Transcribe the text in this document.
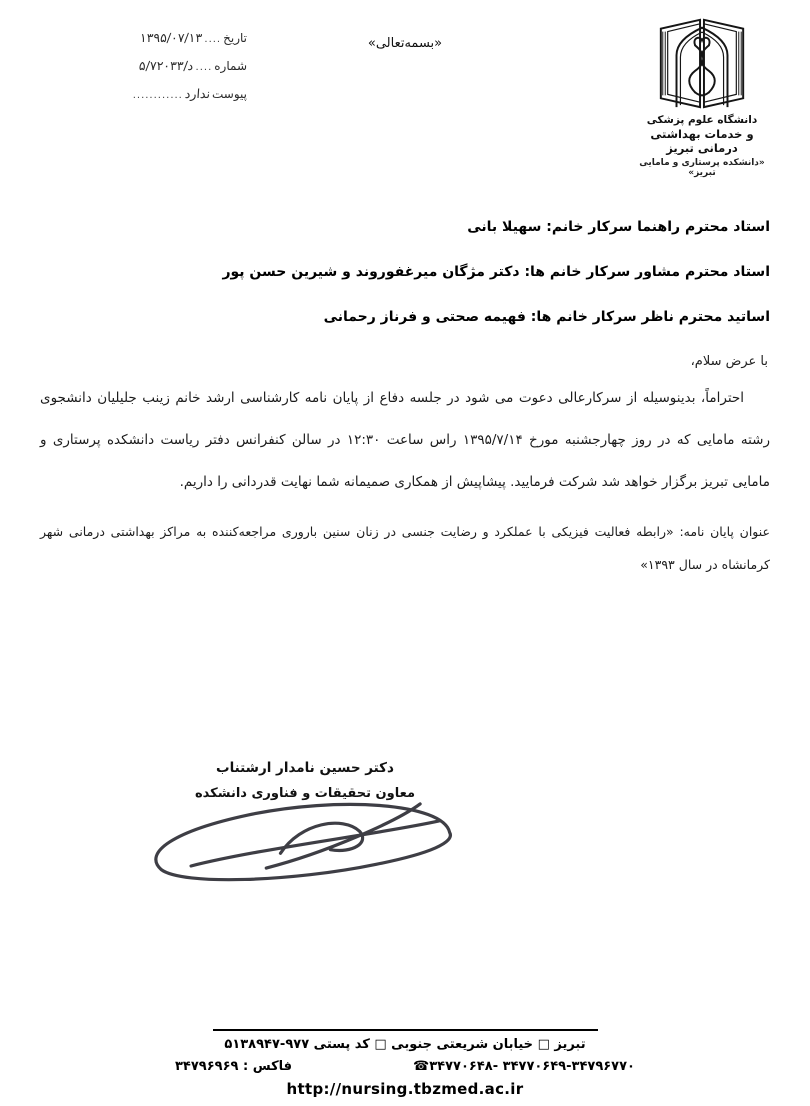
تاریخ
....
۱۳۹۵/۰۷/۱۳
شماره
....
۵/د/۷۲۰۳۳
پیوست
ندارد
............
«بسمه‌تعالی»
دانشگاه علوم پزشکی
و خدمات بهداشتی درمانی تبریز
«دانشکده پرستاری و مامایی تبریز»
استاد محترم راهنما سرکار خانم: سهیلا بانی
استاد محترم مشاور سرکار خانم ها: دکتر مژگان میرغفوروند و شیرین حسن پور
اساتید محترم ناظر سرکار خانم ها: فهیمه صحتی و فرناز رحمانی
با عرض سلام،

احتراماً، بدینوسیله از سرکارعالی دعوت می شود در جلسه دفاع از پایان نامه کارشناسی ارشد خانم زینب جلیلیان دانشجوی رشته مامایی که در روز چهارجشنبه مورخ ۱۳۹۵/۷/۱۴ راس ساعت ۱۲:۳۰ در سالن کنفرانس دفتر ریاست دانشکده پرستاری و مامایی تبریز برگزار خواهد شد شرکت فرمایید. پیشاپیش از همکاری صمیمانه شما نهایت قدردانی را داریم.

عنوان پایان نامه: «رابطه فعالیت فیزیکی با عملکرد و رضایت جنسی در زنان سنین باروری مراجعه‌کننده به مراکز بهداشتی درمانی شهر کرمانشاه در سال ۱۳۹۳»

دکتر حسین نامدار ارشتناب
معاون تحقیقات و فناوری دانشکده
تبریز □ خیابان شریعتی جنوبی □ کد پستی ۹۷۷-۵۱۳۸۹۴۷
فاکس : ۳۴۷۹۶۹۶۹	☎۳۴۷۷۰۶۴۸- ۳۴۷۷۰۶۴۹-۳۴۷۹۶۷۷۰
http://nursing.tbzmed.ac.ir
